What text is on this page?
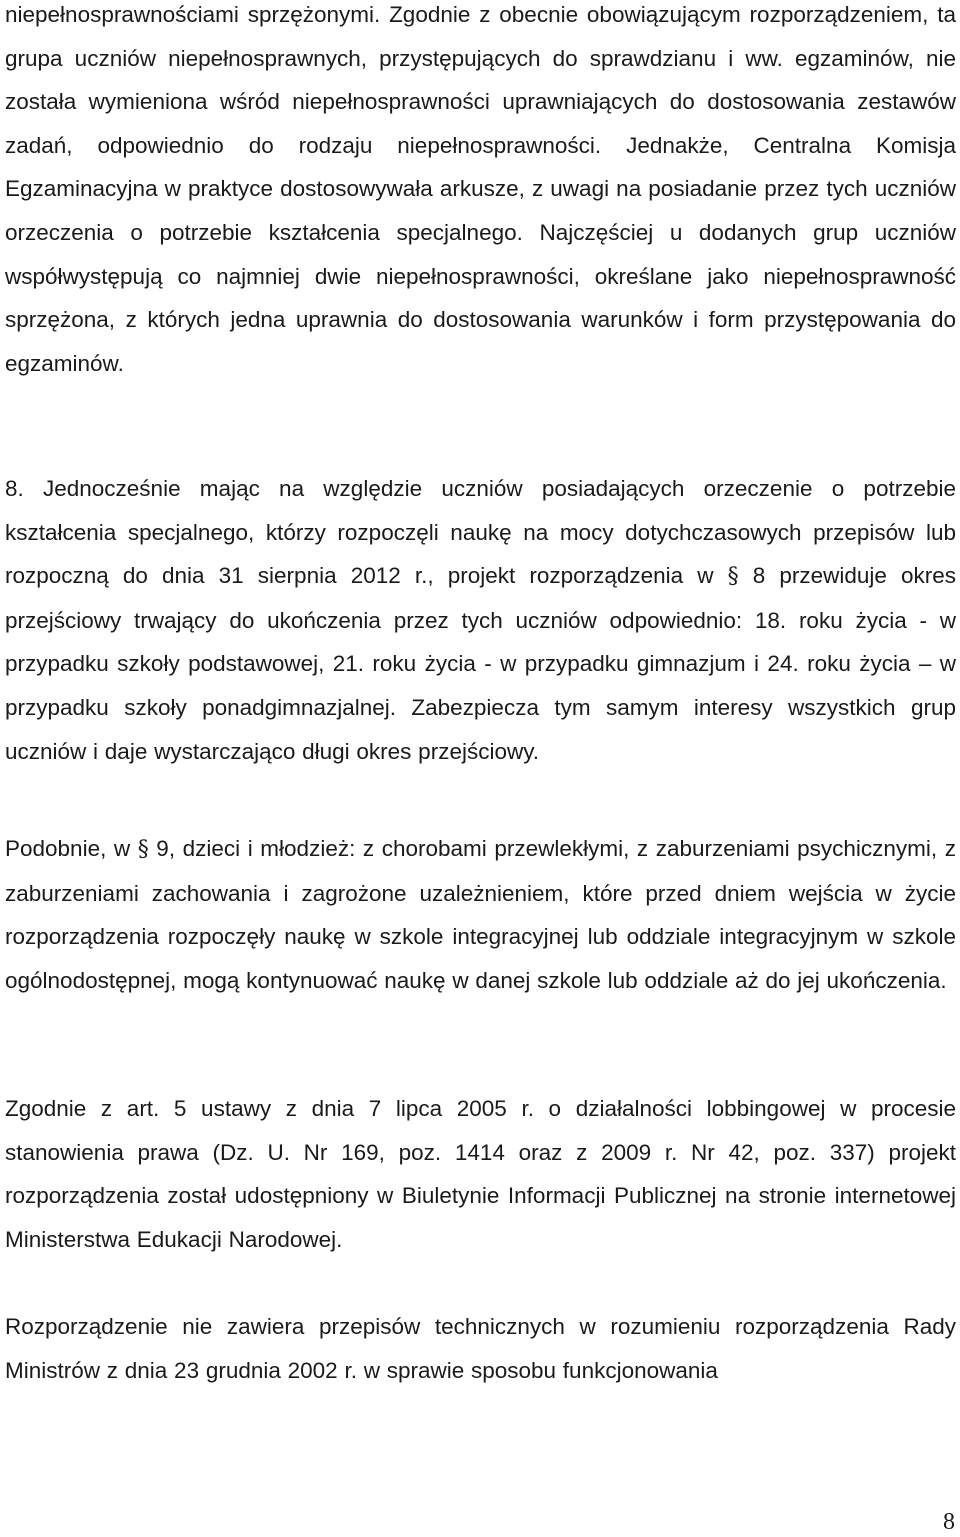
niepełnosprawnościami sprzężonymi. Zgodnie z obecnie obowiązującym rozporządzeniem, ta grupa uczniów niepełnosprawnych, przystępujących do sprawdzianu i ww. egzaminów, nie została wymieniona wśród niepełnosprawności uprawniających do dostosowania zestawów zadań, odpowiednio do rodzaju niepełnosprawności. Jednakże, Centralna Komisja Egzaminacyjna w praktyce dostosowywała arkusze, z uwagi na posiadanie przez tych uczniów orzeczenia o potrzebie kształcenia specjalnego. Najczęściej u dodanych grup uczniów współwystępują co najmniej dwie niepełnosprawności, określane jako niepełnosprawność sprzężona, z których jedna uprawnia do dostosowania warunków i form przystępowania do egzaminów.

8. Jednocześnie mając na względzie uczniów posiadających orzeczenie o potrzebie kształcenia specjalnego, którzy rozpoczęli naukę na mocy dotychczasowych przepisów lub rozpoczną do dnia 31 sierpnia 2012 r., projekt rozporządzenia w § 8 przewiduje okres przejściowy trwający do ukończenia przez tych uczniów odpowiednio: 18. roku życia - w przypadku szkoły podstawowej, 21. roku życia - w przypadku gimnazjum i 24. roku życia – w przypadku szkoły ponadgimnazjalnej. Zabezpiecza tym samym interesy wszystkich grup uczniów i daje wystarczająco długi okres przejściowy.

Podobnie, w § 9, dzieci i młodzież: z chorobami przewlekłymi, z zaburzeniami psychicznymi, z zaburzeniami zachowania i zagrożone uzależnieniem, które przed dniem wejścia w życie rozporządzenia rozpoczęły naukę w szkole integracyjnej lub oddziale integracyjnym w szkole ogólnodostępnej, mogą kontynuować naukę w danej szkole lub oddziale aż do jej ukończenia.

Zgodnie z art. 5 ustawy z dnia 7 lipca 2005 r. o działalności lobbingowej w procesie stanowienia prawa (Dz. U. Nr 169, poz. 1414 oraz z 2009 r. Nr 42, poz. 337) projekt rozporządzenia został udostępniony w Biuletynie Informacji Publicznej na stronie internetowej Ministerstwa Edukacji Narodowej.

Rozporządzenie nie zawiera przepisów technicznych w rozumieniu rozporządzenia Rady Ministrów z dnia 23 grudnia 2002 r. w sprawie sposobu funkcjonowania

8
